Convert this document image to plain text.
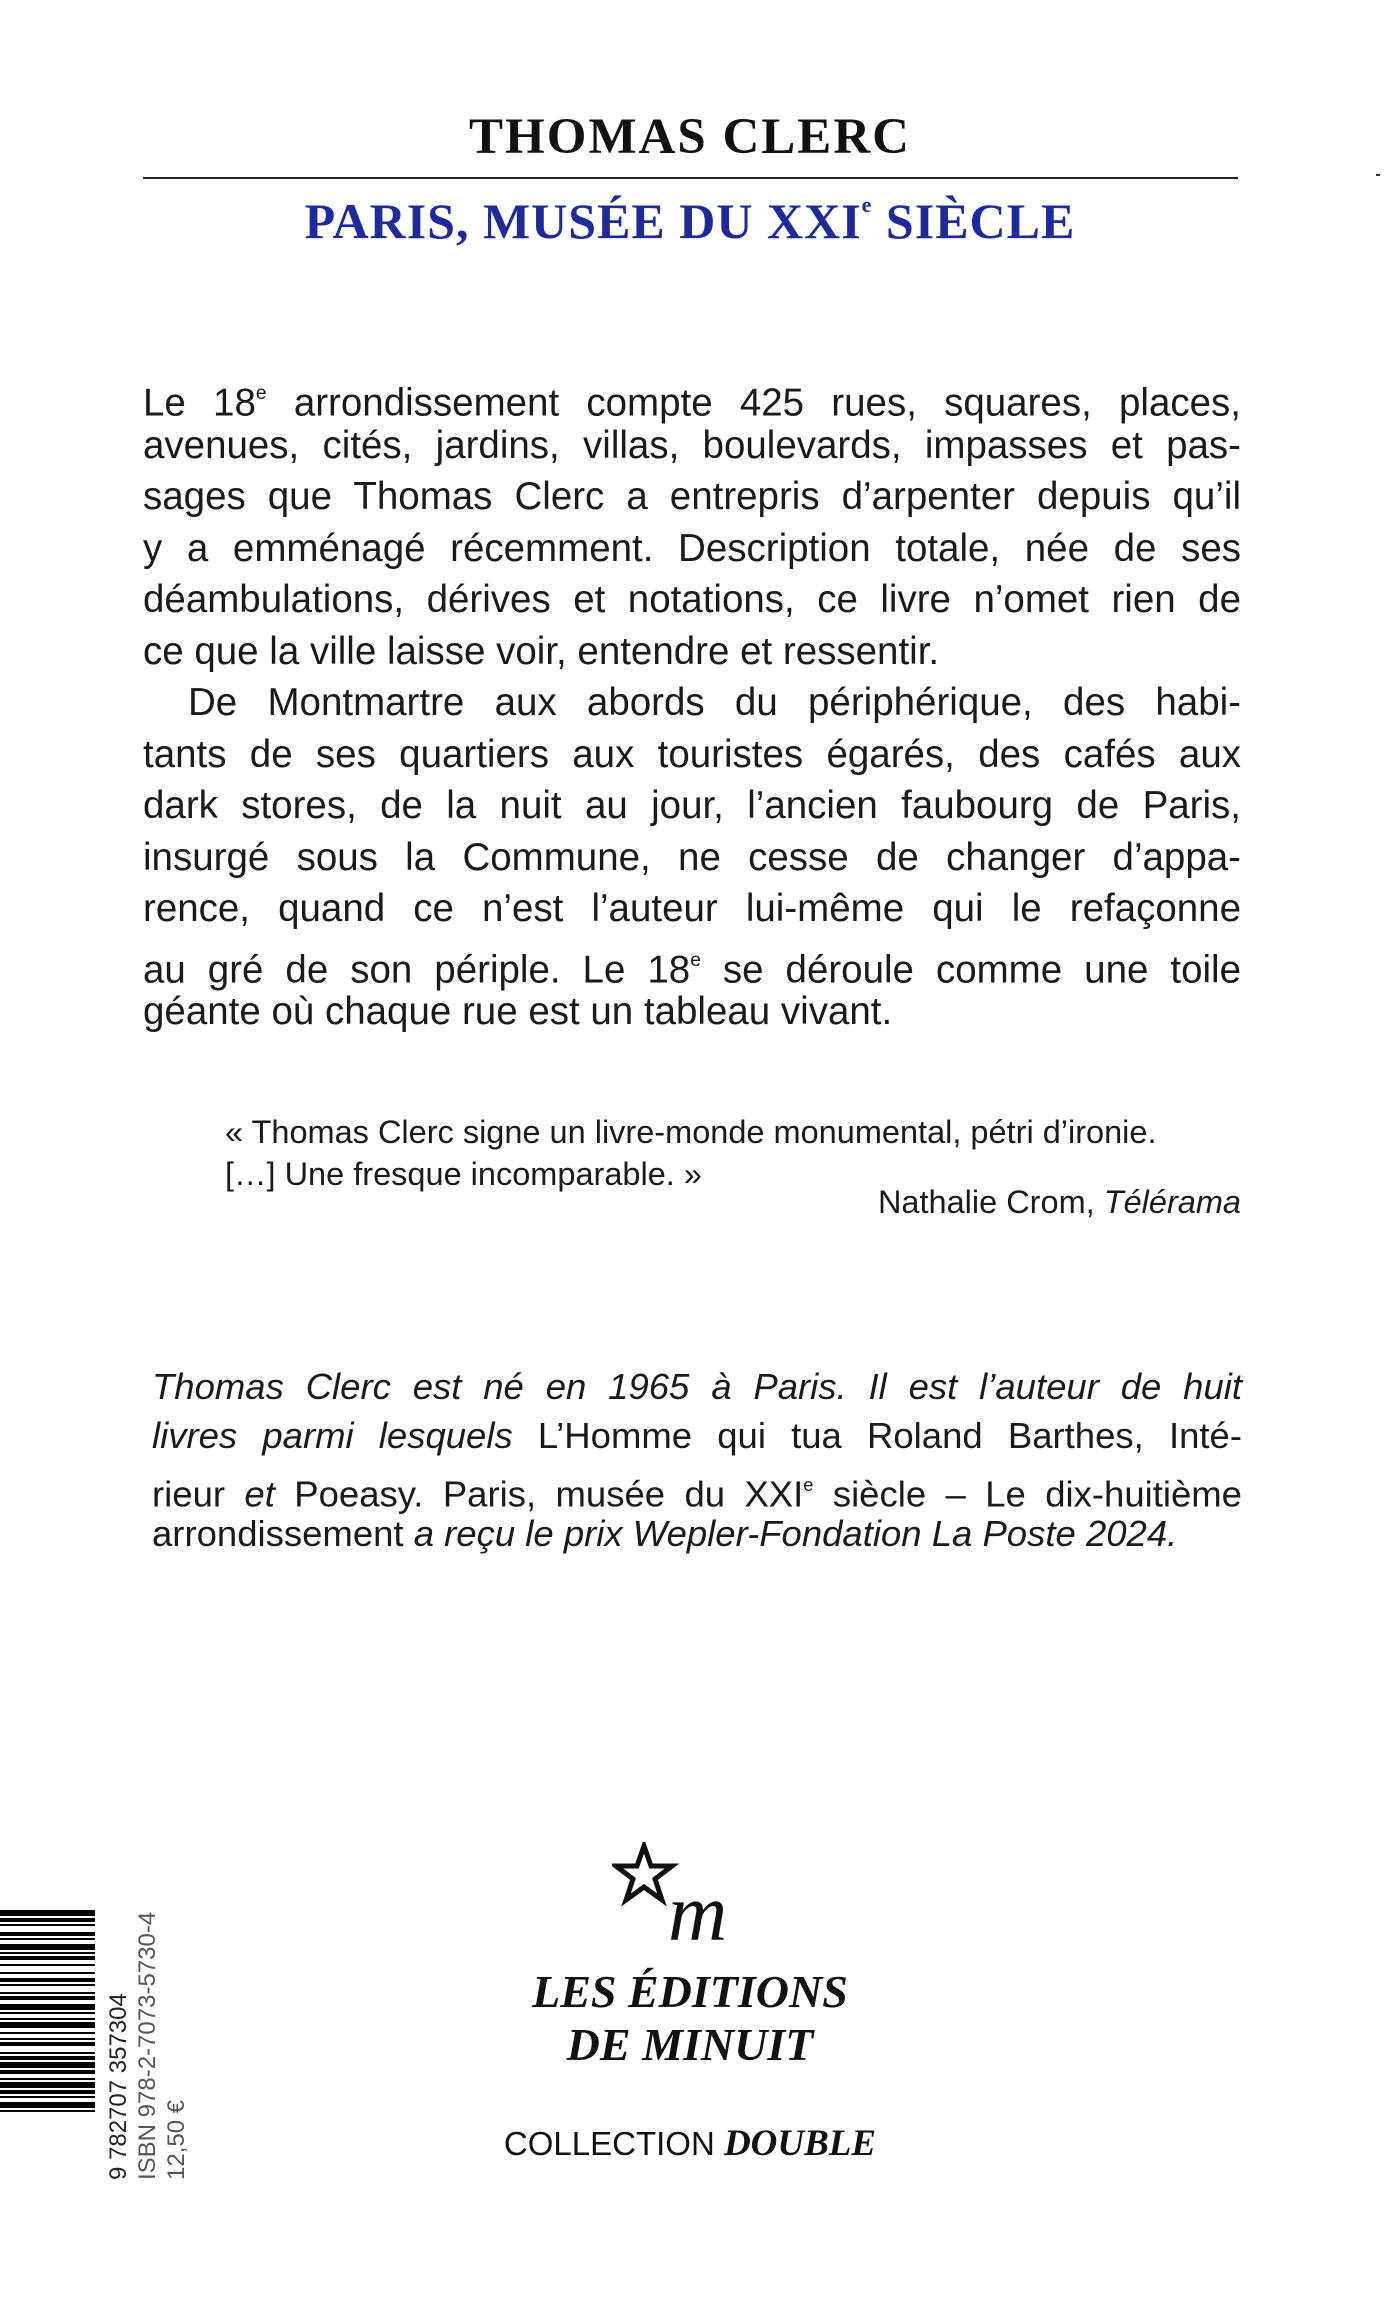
THOMAS CLERC
PARIS, MUSÉE DU XXIe SIÈCLE
Le 18e arrondissement compte 425 rues, squares, places,
avenues, cités, jardins, villas, boulevards, impasses et pas-
sages que Thomas Clerc a entrepris d’arpenter depuis qu’il
y a emménagé récemment. Description totale, née de ses
déambulations, dérives et notations, ce livre n’omet rien de
ce que la ville laisse voir, entendre et ressentir.
De Montmartre aux abords du périphérique, des habi-
tants de ses quartiers aux touristes égarés, des cafés aux
dark stores, de la nuit au jour, l’ancien faubourg de Paris,
insurgé sous la Commune, ne cesse de changer d’appa-
rence, quand ce n’est l’auteur lui-même qui le refaçonne
au gré de son périple. Le 18e se déroule comme une toile
géante où chaque rue est un tableau vivant.
« Thomas Clerc signe un livre-monde monumental, pétri d’ironie.
[…] Une fresque incomparable. »
Nathalie Crom, Télérama
Thomas Clerc est né en 1965 à Paris. Il est l’auteur de huit
livres parmi lesquels L’Homme qui tua Roland Barthes, Inté-
rieur et Poeasy. Paris, musée du XXIe siècle – Le dix-huitième
arrondissement a reçu le prix Wepler-Fondation La Poste 2024.
m
LES ÉDITIONS
DE MINUIT
COLLECTION DOUBLE
9 782707 357304 ISBN 978-2-7073-5730-4 12,50 €
